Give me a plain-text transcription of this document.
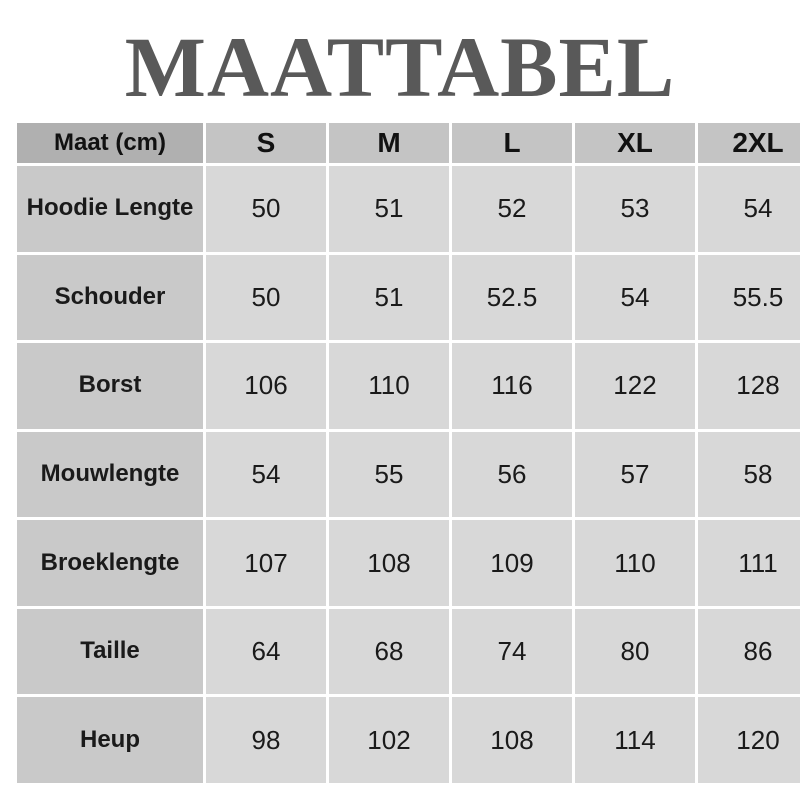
MAATTABEL
Maat (cm)	S	M	L	XL	2XL
Hoodie Lengte	50	51	52	53	54
Schouder	50	51	52.5	54	55.5
Borst	106	110	116	122	128
Mouwlengte	54	55	56	57	58
Broeklengte	107	108	109	110	111
Taille	64	68	74	80	86
Heup	98	102	108	114	120
